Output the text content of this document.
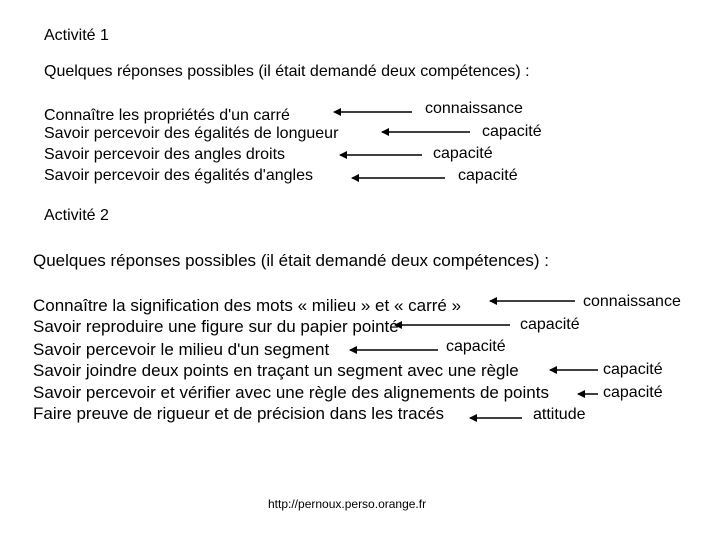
Activité 1
Quelques réponses possibles (il était demandé deux compétences) :
Connaître les propriétés d'un carré
Savoir percevoir des égalités de longueur
Savoir percevoir des angles droits
Savoir percevoir des égalités d'angles
connaissance
capacité
capacité
capacité
Activité 2
Quelques réponses possibles (il était demandé deux compétences) :
Connaître la signification des mots « milieu » et « carré »
Savoir reproduire une figure sur du papier pointé
Savoir percevoir le milieu d'un segment
Savoir joindre deux points en traçant un segment avec une règle
Savoir percevoir et vérifier avec une règle des alignements de points
Faire preuve de rigueur et de précision dans les tracés
connaissance
capacité
capacité
capacité
capacité
attitude
http://pernoux.perso.orange.fr
